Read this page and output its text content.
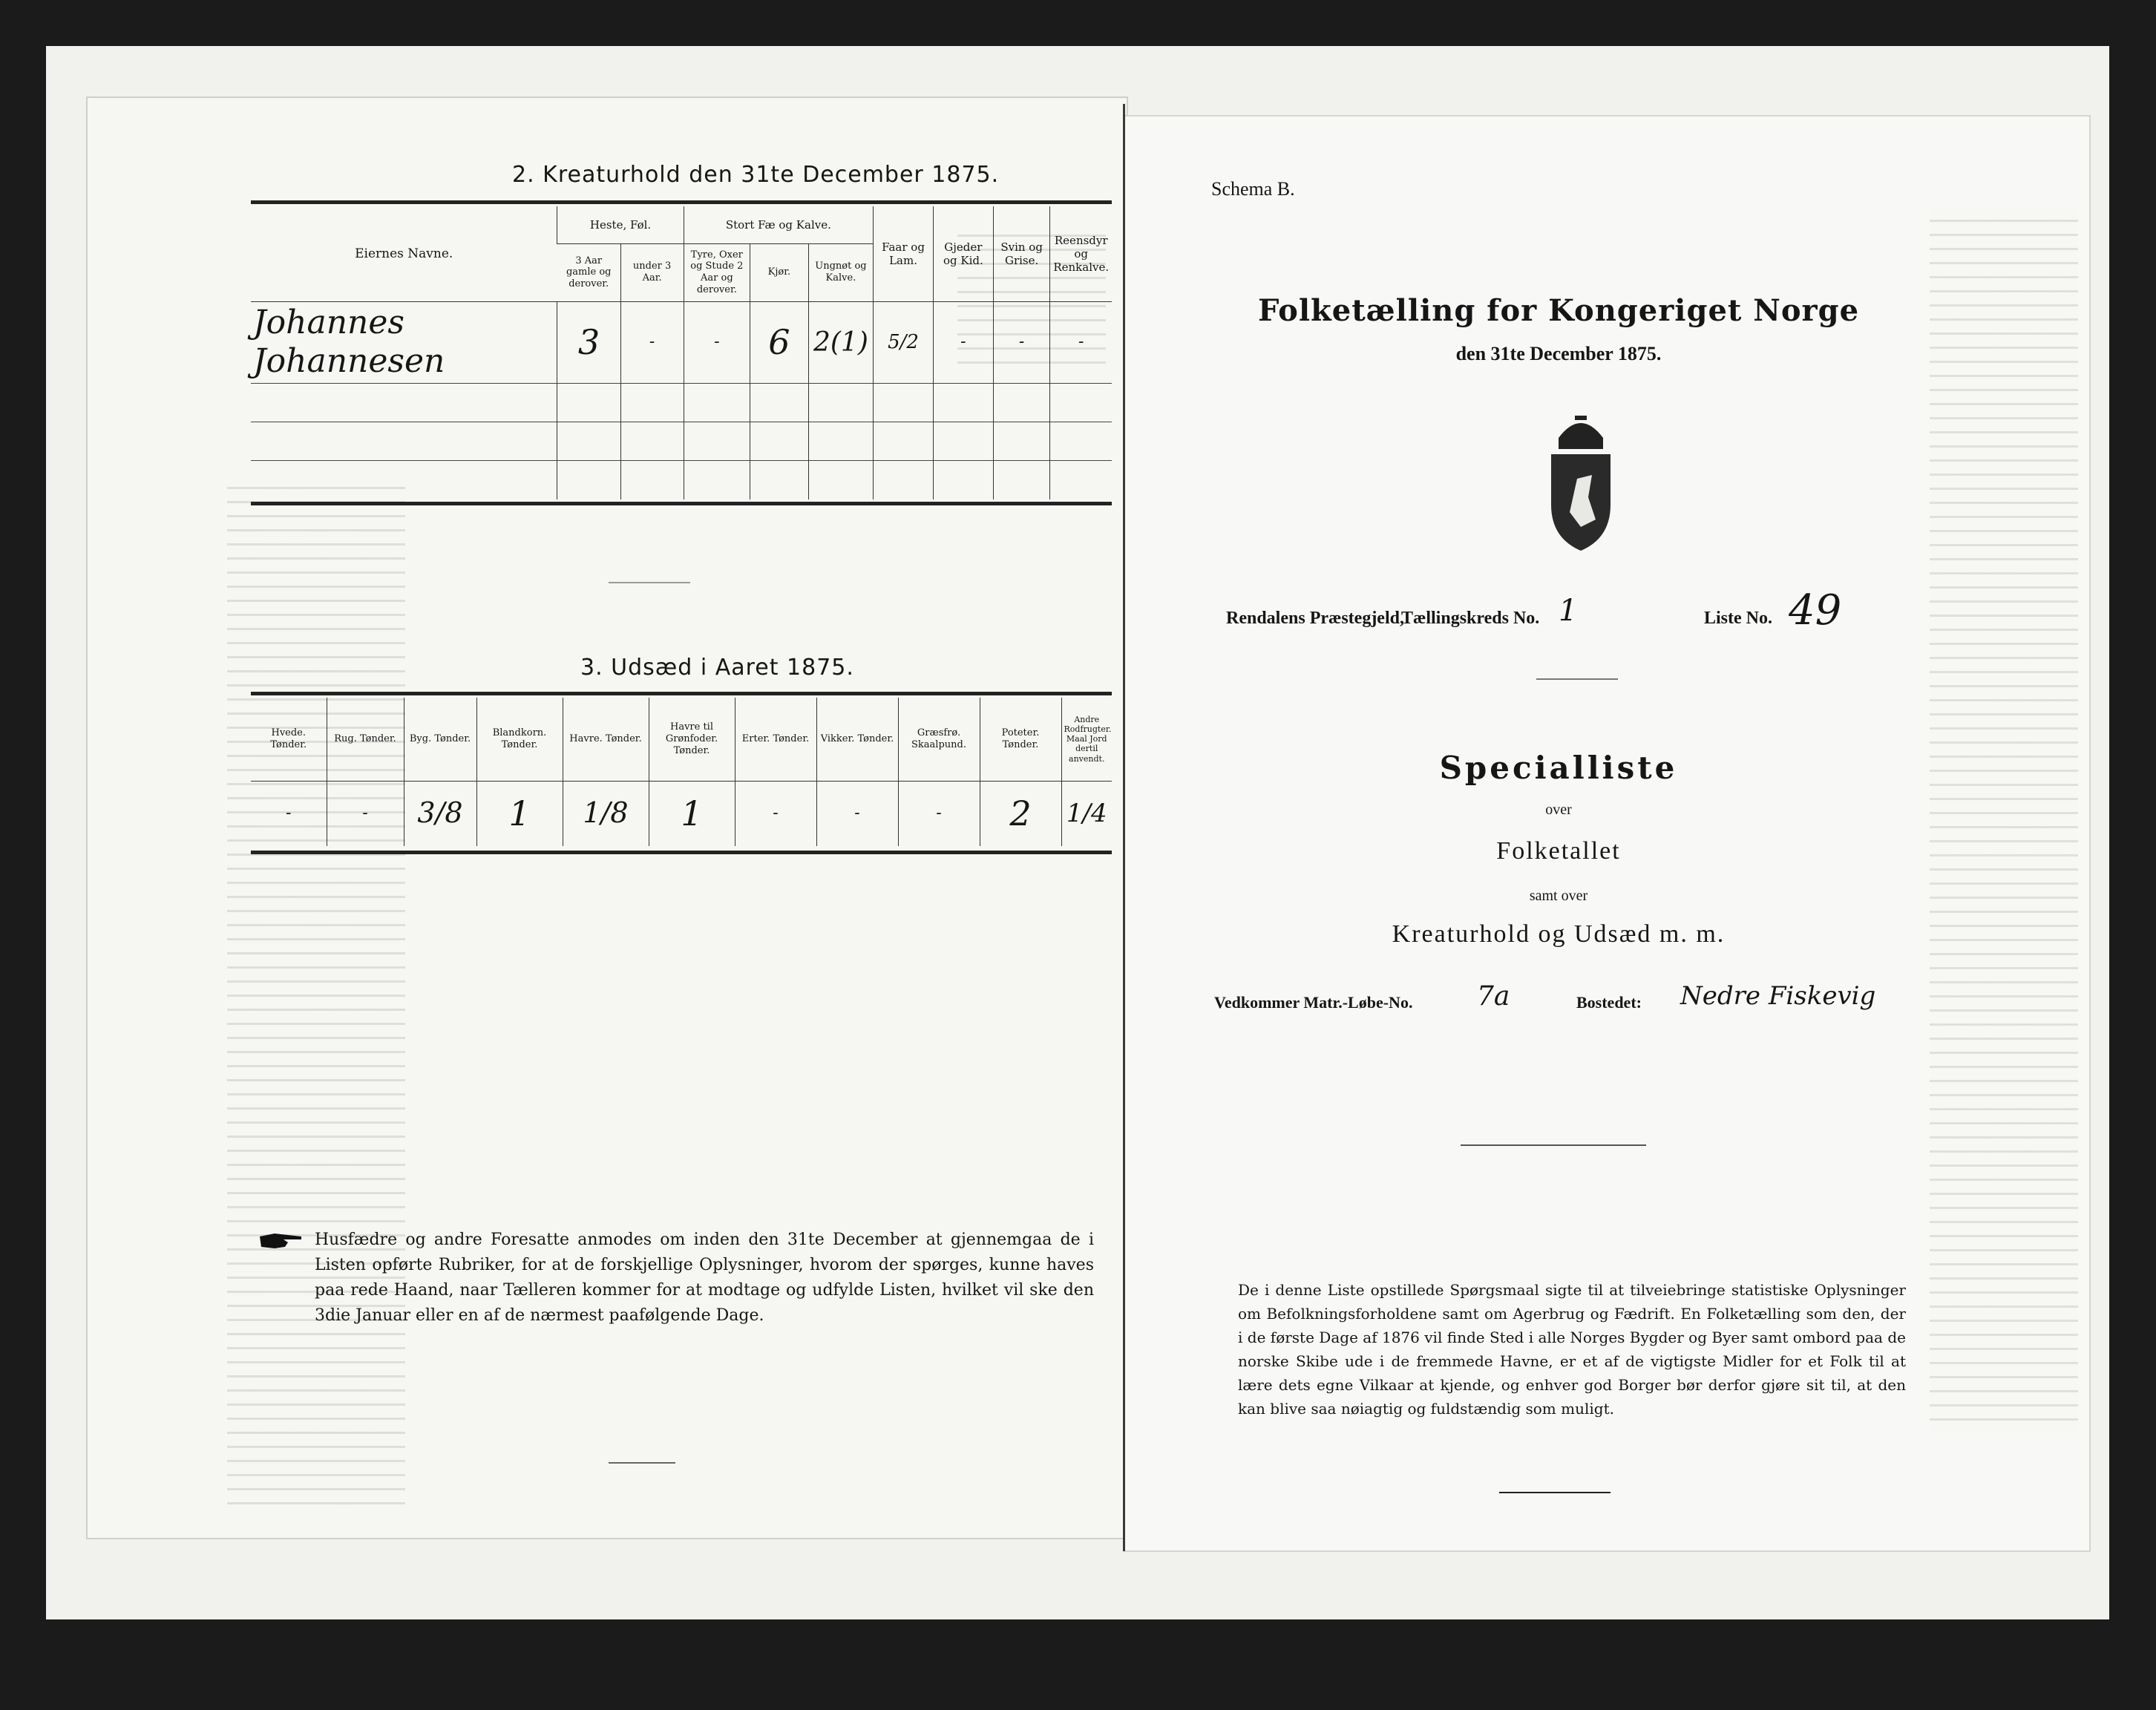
2. Kreaturhold den 31te December 1875.
Eiernes Navne.	Heste, Føl.		Stort Fæ og Kalve.			Faar og Lam.	Gjeder og Kid.	Svin og Grise.	Reensdyr og Renkalve.
	3 Aar gamle og derover.	under 3 Aar.	Tyre, Oxer og Stude 2 Aar og derover.	Kjør.	Ungnøt og Kalve.				
Johannes Johannesen	3	-	-	6	2(1)	5/2	-	-	-

3. Udsæd i Aaret 1875.
Hvede. Tønder.	Rug. Tønder.	Byg. Tønder.	Blandkorn. Tønder.	Havre. Tønder.	Havre til Grønfoder. Tønder.	Erter. Tønder.	Vikker. Tønder.	Græsfrø. Skaalpund.	Poteter. Tønder.	Andre Rodfrugter. Maal Jord dertil anvendt.
-	-	3/8	1	1/8	1	-	-	-	2	1/4
Husfædre og andre Foresatte anmodes om inden den 31te December at gjennemgaa de i Listen opførte Rubriker, for at de forskjellige Oplysninger, hvorom der spørges, kunne haves paa rede Haand, naar Tælleren kommer for at modtage og udfylde Listen, hvilket vil ske den 3die Januar eller en af de nærmest paafølgende Dage.
Schema B.
Folketælling for Kongeriget Norge
den 31te December 1875.
Rendalens Præstegjeld,
Tællingskreds No. 1	Liste No. 49
Specialliste
over
Folketallet
samt over
Kreaturhold og Udsæd m. m.
Vedkommer Matr.-Løbe-No. 7a	Bostedet: Nedre Fiskevig
De i denne Liste opstillede Spørgsmaal sigte til at tilveiebringe statistiske Oplysninger om Befolkningsforholdene samt om Agerbrug og Fædrift. En Folketælling som den, der i de første Dage af 1876 vil finde Sted i alle Norges Bygder og Byer samt ombord paa de norske Skibe ude i de fremmede Havne, er et af de vigtigste Midler for et Folk til at lære dets egne Vilkaar at kjende, og enhver god Borger bør derfor gjøre sit til, at den kan blive saa nøiagtig og fuldstændig som muligt.
